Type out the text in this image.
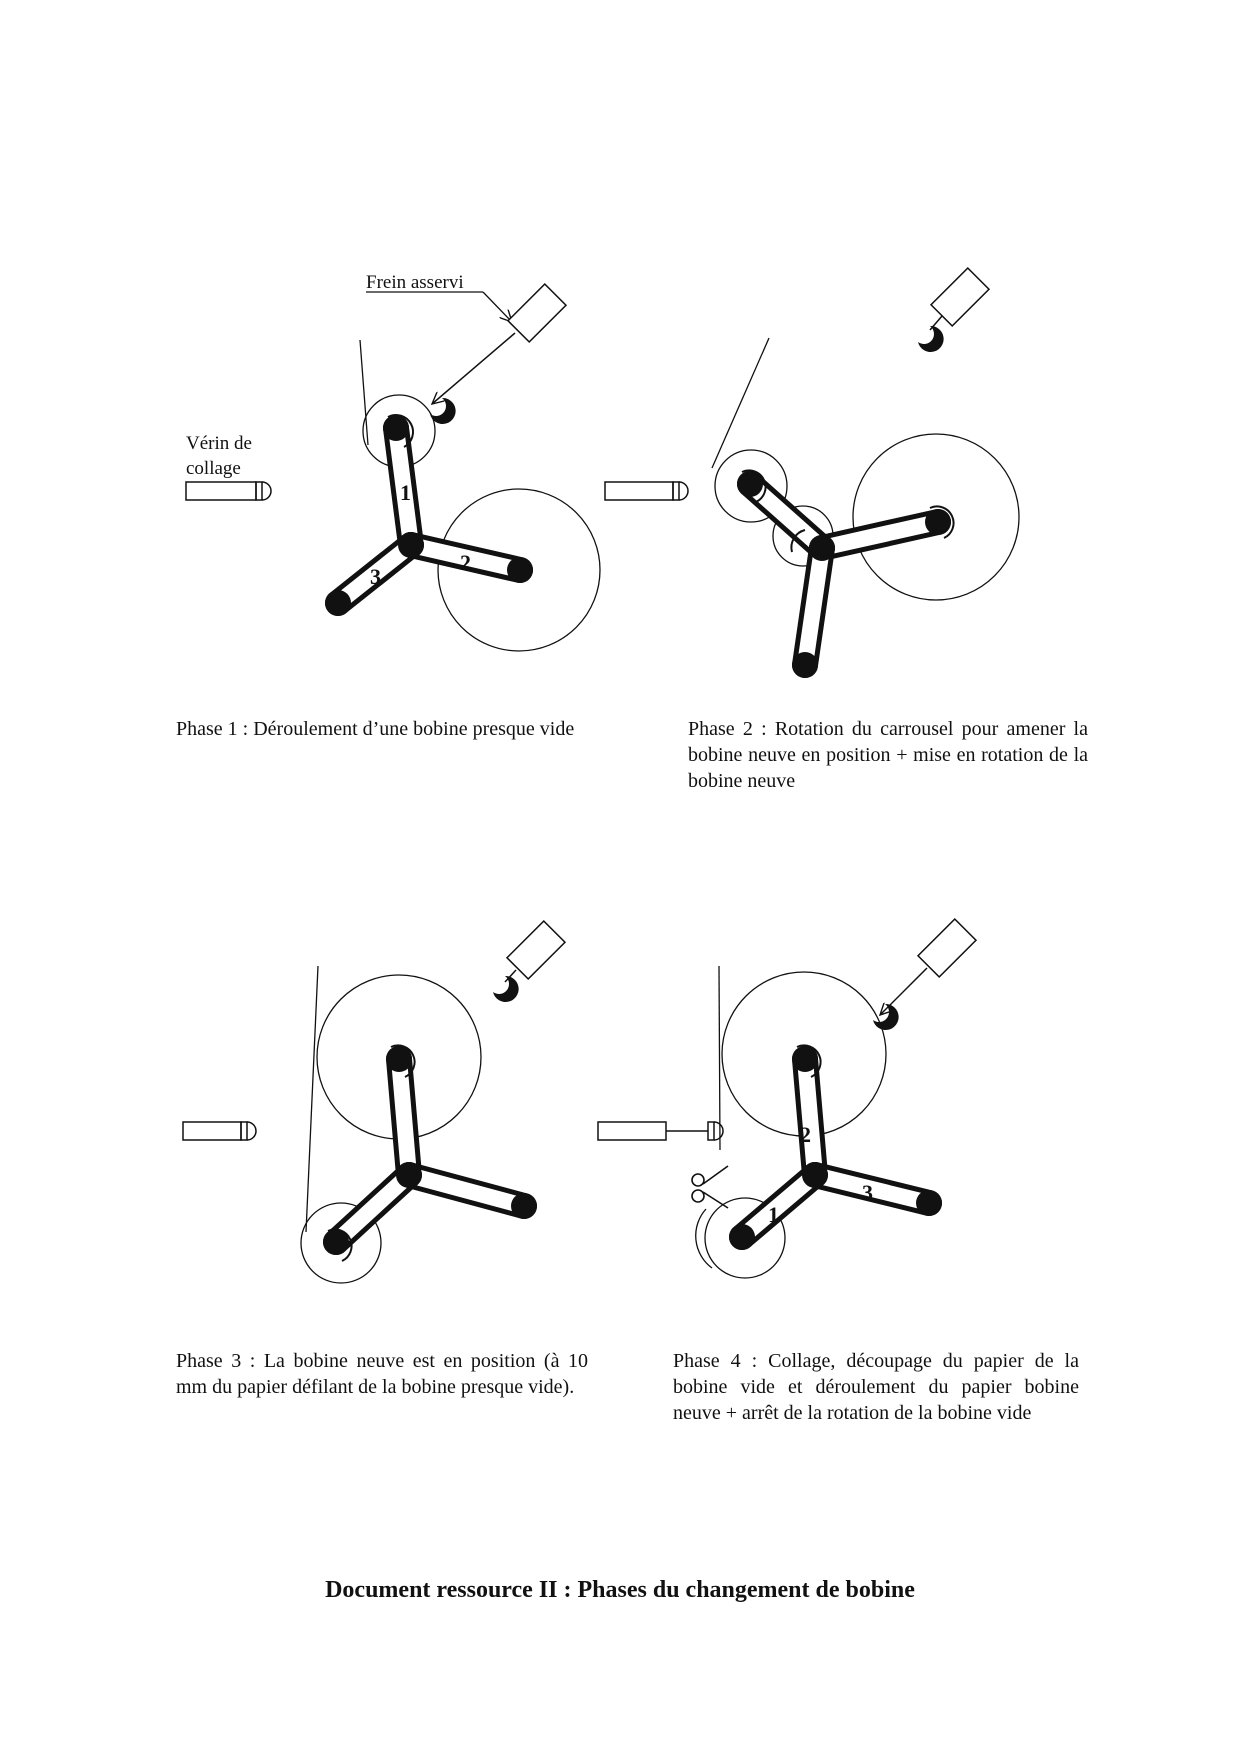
Frein asservi
Vérin de
collage
1
2
3
2
1
3

Phase 1 : Déroulement d’une bobine presque vide	Phase 2 : Rotation du carrousel pour amener la bobine neuve en position + mise en rotation de la bobine neuve

Phase 3 : La bobine neuve est en position (à 10 mm du papier défilant de la bobine presque vide).

Phase 4 : Collage, découpage du papier de la bobine vide et déroulement du papier bobine neuve + arrêt de la rotation de la bobine vide

Document ressource II : Phases du changement de bobine
